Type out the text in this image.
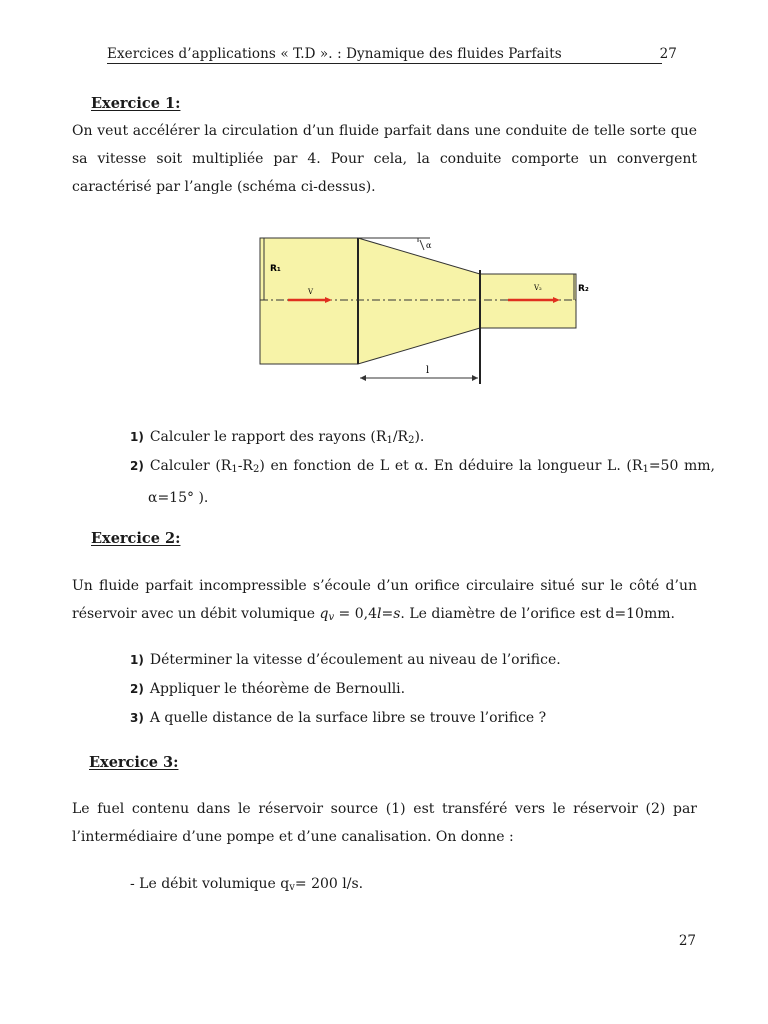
Exercices d’applications « T.D ». : Dynamique des fluides Parfaits	27
Exercice 1:
On veut accélérer la circulation d’un fluide parfait dans une conduite de telle sorte que sa vitesse soit multipliée par 4. Pour cela, la conduite comporte un convergent caractérisé par l’angle (schéma ci-dessus).
R₁
R₂
α
l
V	V₂
1) Calculer le rapport des rayons $(R_1/R_2)$.
2) Calculer $(R_1-R_2)$ en fonction de L et α. En déduire la longueur L. ($R_1=50$ mm, α=15° ).
Exercice 2:
Un fluide parfait incompressible s’écoule d’un orifice circulaire situé sur le côté d’un réservoir avec un débit volumique $q_v = 0,4l=s$. Le diamètre de l’orifice est d=10mm.
1) Déterminer la vitesse d’écoulement au niveau de l’orifice.
2) Appliquer le théorème de Bernoulli.
3) A quelle distance de la surface libre se trouve l’orifice ?
Exercice 3:
Le fuel contenu dans le réservoir source (1) est transféré vers le réservoir (2) par l’intermédiaire d’une pompe et d’une canalisation. On donne :
- Le débit volumique $q_v= 200$ l/s.
27
